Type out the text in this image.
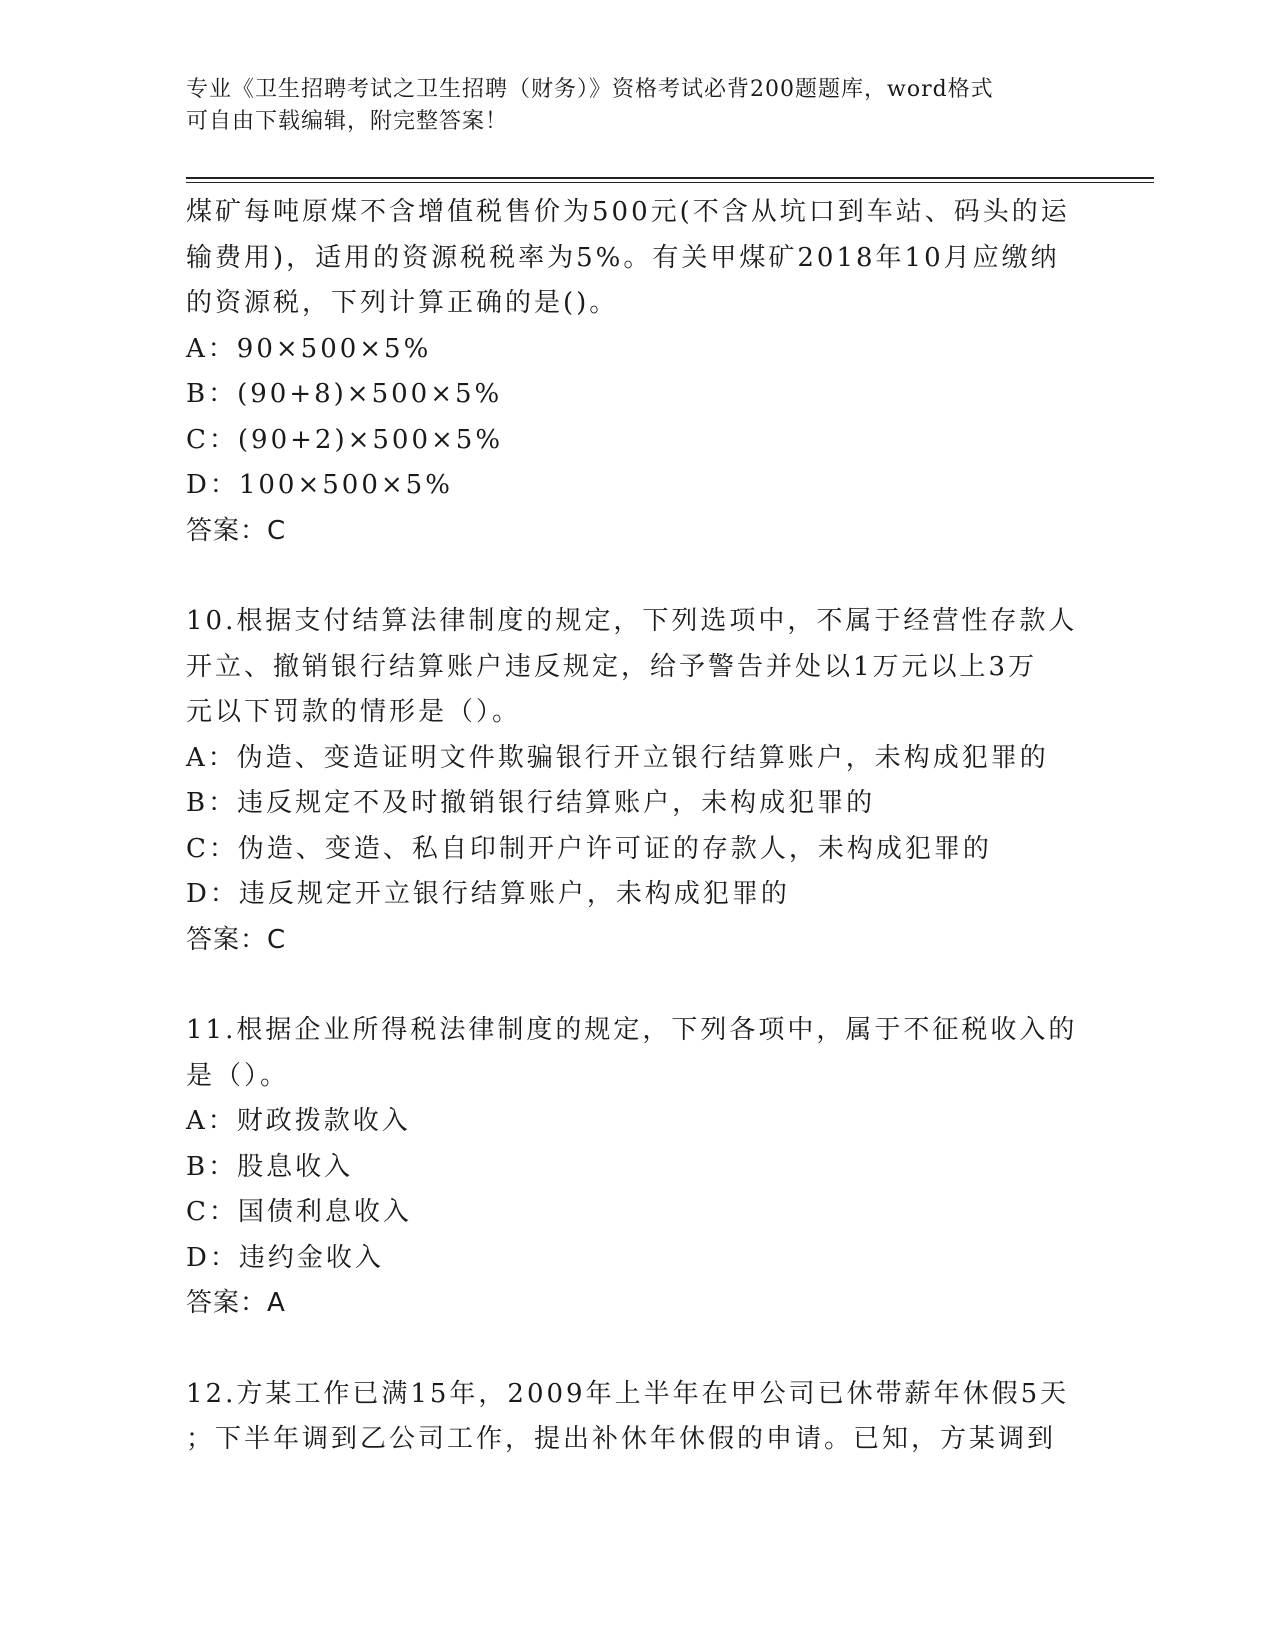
专业《卫生招聘考试之卫生招聘（财务）》资格考试必背200题题库，word格式
可自由下载编辑，附完整答案！
煤矿每吨原煤不含增值税售价为500元(不含从坑口到车站、码头的运
输费用)，适用的资源税税率为5%。有关甲煤矿2018年10月应缴纳
的资源税，下列计算正确的是()。
A：90×500×5%
B：(90+8)×500×5%
C：(90+2)×500×5%
D：100×500×5%
答案：C
10.根据支付结算法律制度的规定，下列选项中，不属于经营性存款人
开立、撤销银行结算账户违反规定，给予警告并处以1万元以上3万
元以下罚款的情形是（）。
A：伪造、变造证明文件欺骗银行开立银行结算账户，未构成犯罪的
B：违反规定不及时撤销银行结算账户，未构成犯罪的
C：伪造、变造、私自印制开户许可证的存款人，未构成犯罪的
D：违反规定开立银行结算账户，未构成犯罪的
答案：C
11.根据企业所得税法律制度的规定，下列各项中，属于不征税收入的
是（）。
A：财政拨款收入
B：股息收入
C：国债利息收入
D：违约金收入
答案：A
12.方某工作已满15年，2009年上半年在甲公司已休带薪年休假5天
；下半年调到乙公司工作，提出补休年休假的申请。已知，方某调到
